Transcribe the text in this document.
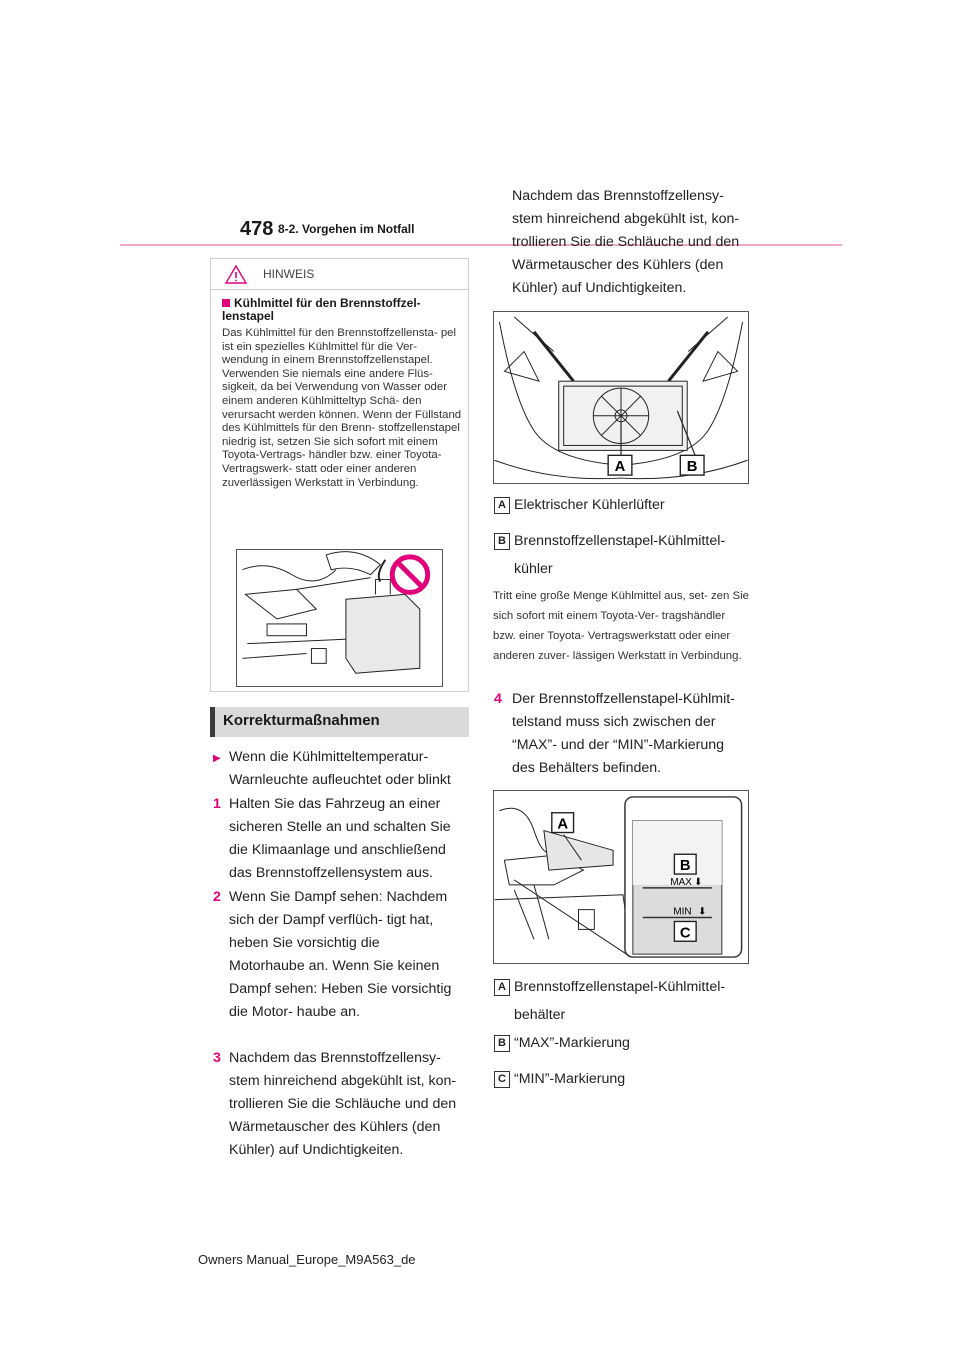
478 8-2. Vorgehen im Notfall
HINWEIS
Kühlmittel für den Brennstoffzel- lenstapel
Das Kühlmittel für den Brennstoffzellensta- pel ist ein spezielles Kühlmittel für die Ver- wendung in einem Brennstoffzellenstapel. Verwenden Sie niemals eine andere Flüs- sigkeit, da bei Verwendung von Wasser oder einem anderen Kühlmitteltyp Schä- den verursacht werden können. Wenn der Füllstand des Kühlmittels für den Brenn- stoffzellenstapel niedrig ist, setzen Sie sich sofort mit einem Toyota-Vertrags- händler bzw. einer Toyota-Vertragswerk- statt oder einer anderen zuverlässigen Werkstatt in Verbindung.
Korrekturmaßnahmen
▶ Wenn die Kühlmitteltemperatur- Warnleuchte aufleuchtet oder blinkt
1 Halten Sie das Fahrzeug an einer sicheren Stelle an und schalten Sie die Klimaanlage und anschließend das Brennstoffzellensystem aus.
2 Wenn Sie Dampf sehen: Nachdem sich der Dampf verflüch- tigt hat, heben Sie vorsichtig die Motorhaube an. Wenn Sie keinen Dampf sehen: Heben Sie vorsichtig die Motor- haube an.
3 Nachdem das Brennstoffzellensy- stem hinreichend abgekühlt ist, kon- trollieren Sie die Schläuche und den Wärmetauscher des Kühlers (den Kühler) auf Undichtigkeiten.
Nachdem das Brennstoffzellensy- stem hinreichend abgekühlt ist, kon- trollieren Sie die Schläuche und den Wärmetauscher des Kühlers (den Kühler) auf Undichtigkeiten.
A	B
A Elektrischer Kühlerlüfter
B Brennstoffzellenstapel-Kühlmittel- kühler
Tritt eine große Menge Kühlmittel aus, set- zen Sie sich sofort mit einem Toyota-Ver- tragshändler bzw. einer Toyota- Vertragswerkstatt oder einer anderen zuver- lässigen Werkstatt in Verbindung.
4 Der Brennstoffzellenstapel-Kühlmit- telstand muss sich zwischen der “MAX”- und der “MIN”-Markierung des Behälters befinden.
MAX
MIN
⬇
⬇
A
B
C
A Brennstoffzellenstapel-Kühlmittel- behälter
B “MAX”-Markierung
C “MIN”-Markierung
Owners Manual_Europe_M9A563_de
